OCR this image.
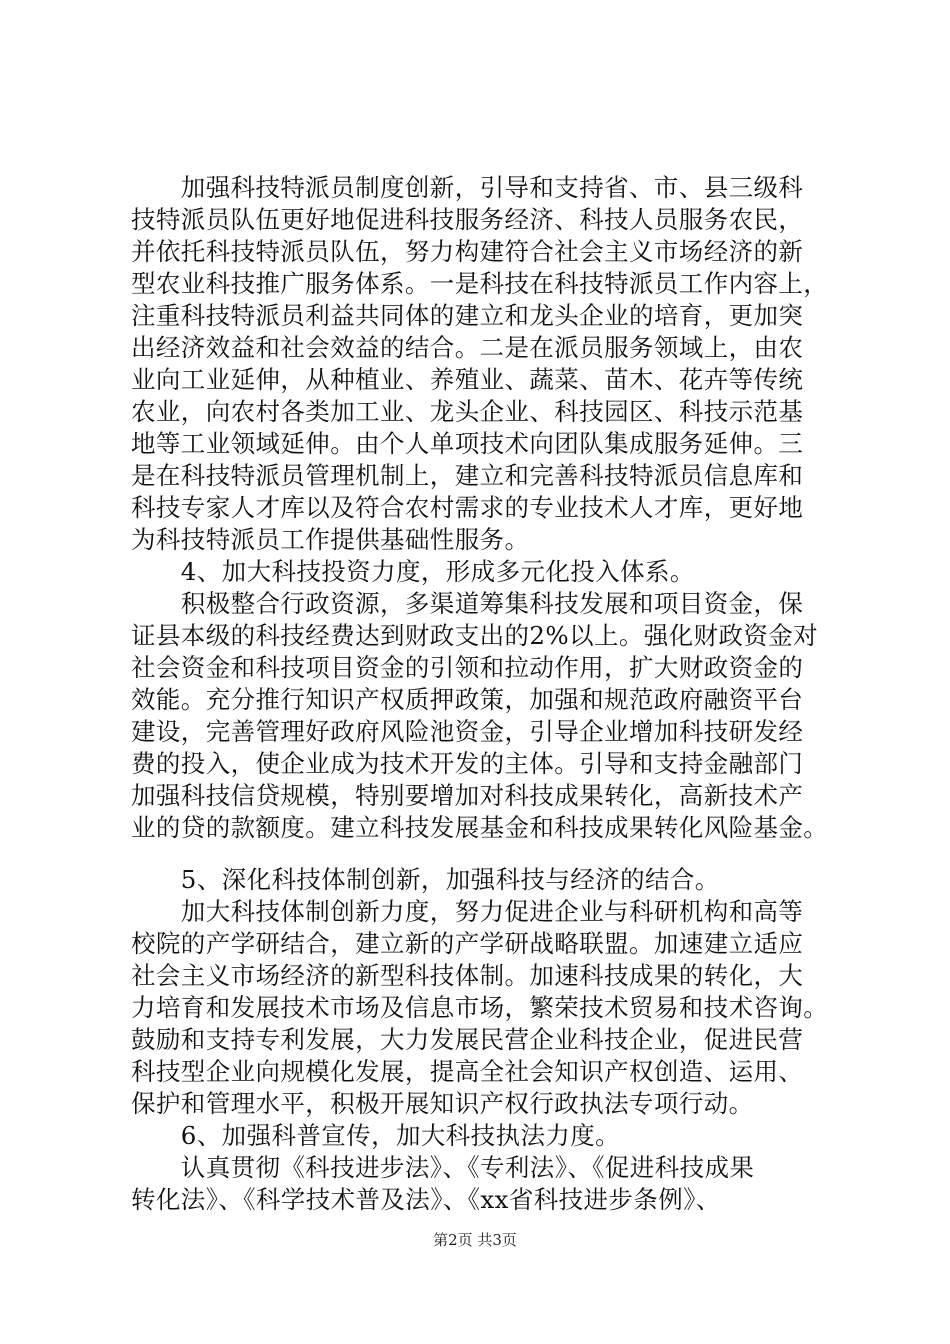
　　加强科技特派员制度创新，引导和支持省、市、县三级科
技特派员队伍更好地促进科技服务经济、科技人员服务农民，
并依托科技特派员队伍，努力构建符合社会主义市场经济的新
型农业科技推广服务体系。一是科技在科技特派员工作内容上，
注重科技特派员利益共同体的建立和龙头企业的培育，更加突
出经济效益和社会效益的结合。二是在派员服务领域上，由农
业向工业延伸，从种植业、养殖业、蔬菜、苗木、花卉等传统
农业，向农村各类加工业、龙头企业、科技园区、科技示范基
地等工业领域延伸。由个人单项技术向团队集成服务延伸。三
是在科技特派员管理机制上，建立和完善科技特派员信息库和
科技专家人才库以及符合农村需求的专业技术人才库，更好地
为科技特派员工作提供基础性服务。
　　4、加大科技投资力度，形成多元化投入体系。
　　积极整合行政资源，多渠道筹集科技发展和项目资金，保
证县本级的科技经费达到财政支出的2%以上。强化财政资金对
社会资金和科技项目资金的引领和拉动作用，扩大财政资金的
效能。充分推行知识产权质押政策，加强和规范政府融资平台
建设，完善管理好政府风险池资金，引导企业增加科技研发经
费的投入，使企业成为技术开发的主体。引导和支持金融部门
加强科技信贷规模，特别要增加对科技成果转化，高新技术产
业的贷的款额度。建立科技发展基金和科技成果转化风险基金。
　　5、深化科技体制创新，加强科技与经济的结合。
　　加大科技体制创新力度，努力促进企业与科研机构和高等
校院的产学研结合，建立新的产学研战略联盟。加速建立适应
社会主义市场经济的新型科技体制。加速科技成果的转化，大
力培育和发展技术市场及信息市场，繁荣技术贸易和技术咨询。
鼓励和支持专利发展，大力发展民营企业科技企业，促进民营
科技型企业向规模化发展，提高全社会知识产权创造、运用、
保护和管理水平，积极开展知识产权行政执法专项行动。
　　6、加强科普宣传，加大科技执法力度。
　　认真贯彻《科技进步法》、《专利法》、《促进科技成果
转化法》、《科学技术普及法》、《xx省科技进步条例》、
第2页 共3页
